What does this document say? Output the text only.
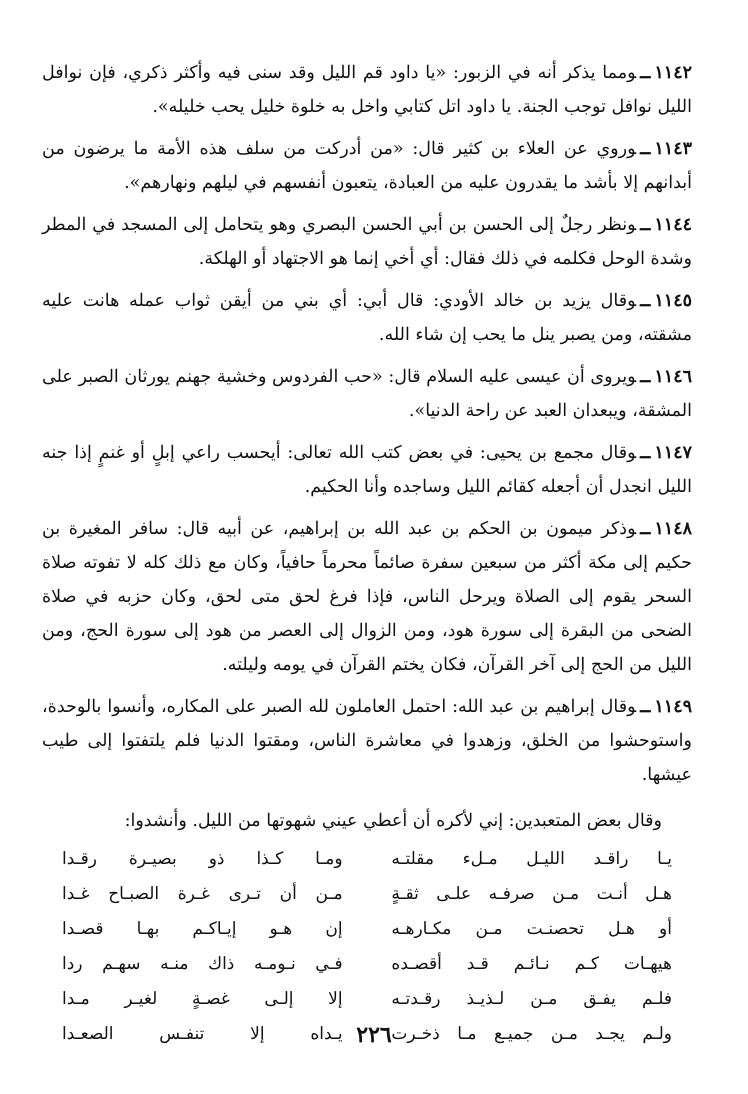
١١٤٢ــومما يذكر أنه في الزبور: «يا داود قم الليل وقد سنى فيه وأكثر ذكري، فإن نوافل الليل نوافل توجب الجنة. يا داود اتل كتابي واخل به خلوة خليل يحب خليله».

١١٤٣ــوروي عن العلاء بن كثير قال: «من أدركت من سلف هذه الأمة ما يرضون من أبدانهم إلا بأشد ما يقدرون عليه من العبادة، يتعبون أنفسهم في ليلهم ونهارهم».

١١٤٤ــونظر رجلٌ إلى الحسن بن أبي الحسن البصري وهو يتحامل إلى المسجد في المطر وشدة الوحل فكلمه في ذلك فقال: أي أخي إنما هو الاجتهاد أو الهلكة.

١١٤٥ــوقال يزيد بن خالد الأودي: قال أبي: أي بني من أيقن ثواب عمله هانت عليه مشقته، ومن يصبر ينل ما يحب إن شاء الله.

١١٤٦ــويروى أن عيسى عليه السلام قال: «حب الفردوس وخشية جهنم يورثان الصبر على المشقة، ويبعدان العبد عن راحة الدنيا».

١١٤٧ــوقال مجمع بن يحيى: في بعض كتب الله تعالى: أيحسب راعي إبلٍ أو غنمٍ إذا جنه الليل انجدل أن أجعله كقائم الليل وساجده وأنا الحكيم.

١١٤٨ــوذكر ميمون بن الحكم بن عبد الله بن إبراهيم، عن أبيه قال: سافر المغيرة بن حكيم إلى مكة أكثر من سبعين سفرة صائماً محرماً حافياً، وكان مع ذلك كله لا تفوته صلاة السحر يقوم إلى الصلاة ويرحل الناس، فإذا فرغ لحق متى لحق، وكان حزبه في صلاة الضحى من البقرة إلى سورة هود، ومن الزوال إلى العصر من هود إلى سورة الحج، ومن الليل من الحج إلى آخر القرآن، فكان يختم القرآن في يومه وليلته.

١١٤٩ــوقال إبراهيم بن عبد الله: احتمل العاملون لله الصبر على المكاره، وأنسوا بالوحدة، واستوحشوا من الخلق، وزهدوا في معاشرة الناس، ومقتوا الدنيا فلم يلتفتوا إلى طيب عيشها.

وقال بعض المتعبدين: إني لأكره أن أعطي عيني شهوتها من الليل. وأنشدوا:

يـا راقـد الليـل مـلء مقلتـه
ومـا كـذا ذو بصيـرة رقـدا
هـل أنـت مـن صرفـه علـى ثقـةٍ
مـن أن تـرى غـرة الصبـاح غـدا
أو هـل تحصنـت مـن مكـارهـه
إن هـو إيـاكـم بهـا قصـدا
هيهـات كـم نـائـم قـد أقصـده
فـي نـومـه ذاك منـه سهـم ردا
فلـم يفـق مـن لـذيـذ رقـدتـه
إلا إلـى غصـةٍ لغيـر مـدا
ولـم يجـد مـن جميـع مـا ذخـرت
يـداه إلا تنفـس الصعـدا ٢٢٦
